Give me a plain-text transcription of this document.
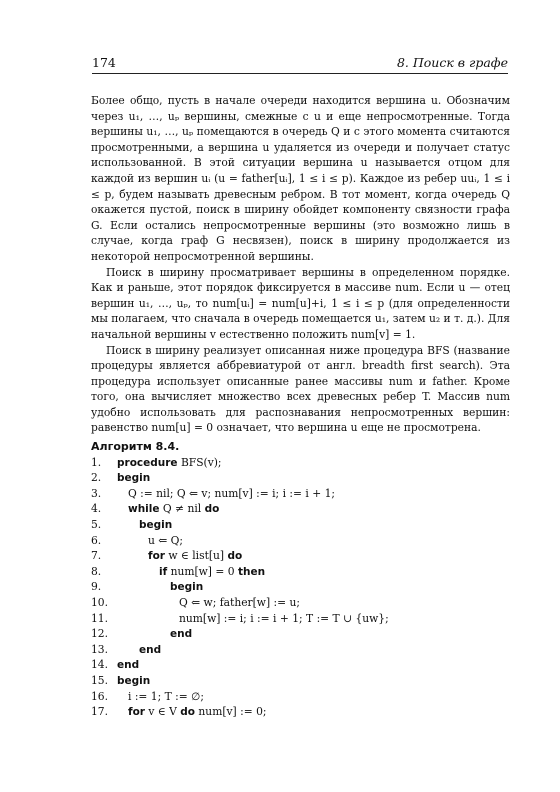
174	8. Поиск в графе

Более общо, пусть в начале очереди находится вершина u. Обозначим через u₁, …, uₚ вершины, смежные с u и еще непросмотренные. Тогда вершины u₁, …, uₚ помещаются в очередь Q и с этого момента считаются просмотренными, а вершина u удаляется из очереди и получает статус использованной. В этой ситуации вершина u называется отцом для каждой из вершин uᵢ (u = father[uᵢ], 1 ≤ i ≤ p). Каждое из ребер uuᵢ, 1 ≤ i ≤ p, будем называть древесным ребром. В тот момент, когда очередь Q окажется пустой, поиск в ширину обойдет компоненту связности графа G. Если остались непросмотренные вершины (это возможно лишь в случае, когда граф G несвязен), поиск в ширину продолжается из некоторой непросмотренной вершины.

Поиск в ширину просматривает вершины в определенном порядке. Как и раньше, этот порядок фиксируется в массиве num. Если u — отец вершин u₁, …, uₚ, то num[uᵢ] = num[u]+i, 1 ≤ i ≤ p (для определенности мы полагаем, что сначала в очередь помещается u₁, затем u₂ и т. д.). Для начальной вершины v естественно положить num[v] = 1.

Поиск в ширину реализует описанная ниже процедура BFS (название процедуры является аббревиатурой от англ. breadth first search). Эта процедура использует описанные ранее массивы num и father. Кроме того, она вычисляет множество всех древесных ребер T. Массив num удобно использовать для распознавания непросмотренных вершин: равенство num[u] = 0 означает, что вершина u еще не просмотрена.

Алгоритм 8.4.
1.	procedure BFS(v);
2.	begin
3.	Q := nil; Q ⇐ v; num[v] := i; i := i + 1;
4.	while Q ≠ nil do
5.	begin
6.	u ⇐ Q;
7.	for w ∈ list[u] do
8.	if num[w] = 0 then
9.	begin
10.	Q ⇐ w; father[w] := u;
11.	num[w] := i; i := i + 1; T := T ∪ {uw};
12.	end
13.	end
14. end
15. begin
16.	i := 1; T := ∅;
17.	for v ∈ V do num[v] := 0;
